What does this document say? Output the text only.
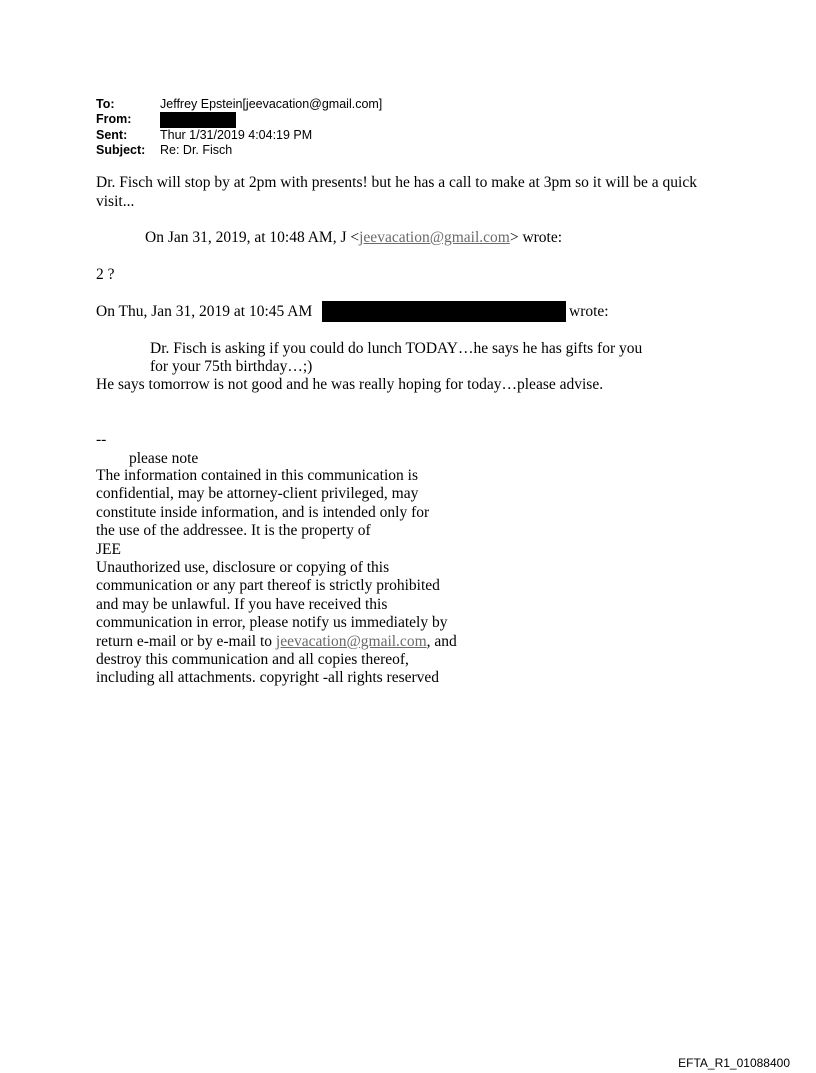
To:	Jeffrey Epstein[jeevacation@gmail.com]
From:
Sent:	Thur 1/31/2019 4:04:19 PM
Subject: Re: Dr. Fisch
Dr. Fisch will stop by at 2pm with presents! but he has a call to make at 3pm so it will be a quick
visit...
On Jan 31, 2019, at 10:48 AM, J <jeevacation@gmail.com> wrote:
2 ?
On Thu, Jan 31, 2019 at 10:45 AM	wrote:
Dr. Fisch is asking if you could do lunch TODAY…he says he has gifts for you
for your 75th birthday…;)
He says tomorrow is not good and he was really hoping for today…please advise.
--
please note
The information contained in this communication is
confidential, may be attorney-client privileged, may
constitute inside information, and is intended only for
the use of the addressee. It is the property of
JEE
Unauthorized use, disclosure or copying of this
communication or any part thereof is strictly prohibited
and may be unlawful. If you have received this
communication in error, please notify us immediately by
return e-mail or by e-mail to jeevacation@gmail.com, and
destroy this communication and all copies thereof,
including all attachments. copyright -all rights reserved
EFTA_R1_01088400
